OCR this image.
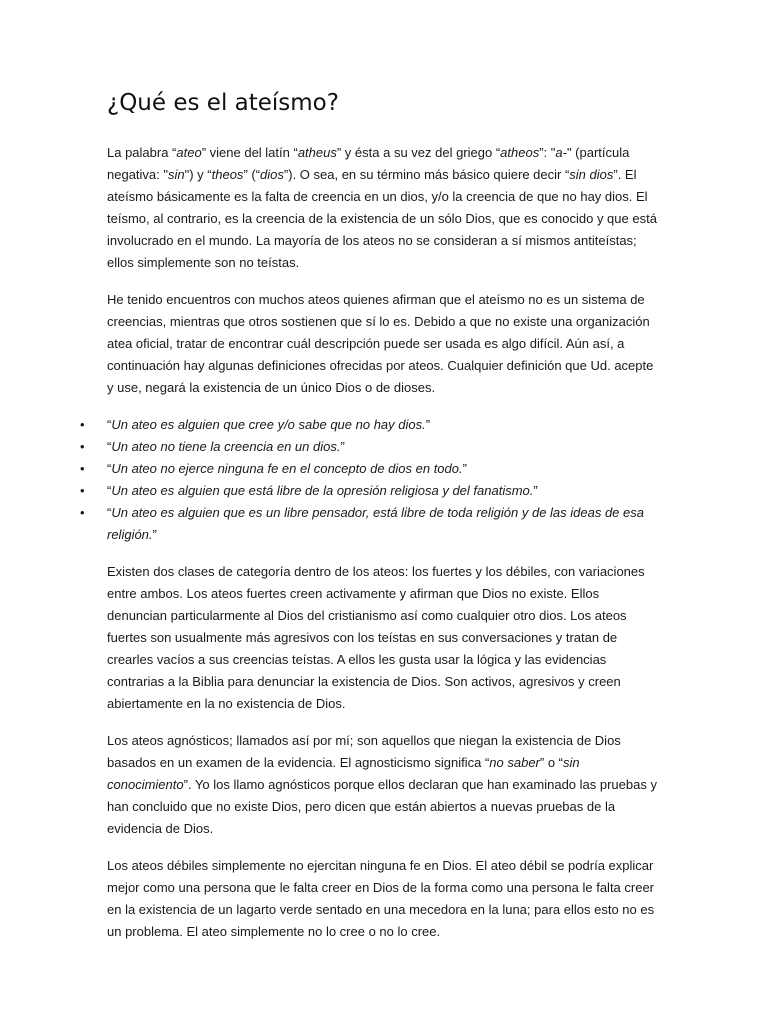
¿Qué es el ateísmo?

La palabra “ateo” viene del latín “atheus” y ésta a su vez del griego “atheos”: "a-" (partícula negativa: "sin") y “theos” (“dios”). O sea, en su término más básico quiere decir “sin dios”. El ateísmo básicamente es la falta de creencia en un dios, y/o la creencia de que no hay dios. El teísmo, al contrario, es la creencia de la existencia de un sólo Dios, que es conocido y que está involucrado en el mundo. La mayoría de los ateos no se consideran a sí mismos antiteístas; ellos simplemente son no teístas.

He tenido encuentros con muchos ateos quienes afirman que el ateísmo no es un sistema de creencias, mientras que otros sostienen que sí lo es. Debido a que no existe una organización atea oficial, tratar de encontrar cuál descripción puede ser usada es algo difícil. Aún así, a continuación hay algunas definiciones ofrecidas por ateos. Cualquier definición que Ud. acepte y use, negará la existencia de un único Dios o de dioses.

• “Un ateo es alguien que cree y/o sabe que no hay dios.”
• “Un ateo no tiene la creencia en un dios.”
• “Un ateo no ejerce ninguna fe en el concepto de dios en todo.”
• “Un ateo es alguien que está libre de la opresión religiosa y del fanatismo.”
• “Un ateo es alguien que es un libre pensador, está libre de toda religión y de las ideas de esa religión.”

Existen dos clases de categoría dentro de los ateos: los fuertes y los débiles, con variaciones entre ambos. Los ateos fuertes creen activamente y afirman que Dios no existe. Ellos denuncian particularmente al Dios del cristianismo así como cualquier otro dios. Los ateos fuertes son usualmente más agresivos con los teístas en sus conversaciones y tratan de crearles vacíos a sus creencias teístas. A ellos les gusta usar la lógica y las evidencias contrarias a la Biblia para denunciar la existencia de Dios. Son activos, agresivos y creen abiertamente en la no existencia de Dios.

Los ateos agnósticos; llamados así por mí; son aquellos que niegan la existencia de Dios basados en un examen de la evidencia. El agnosticismo significa “no saber” o “sin conocimiento”. Yo los llamo agnósticos porque ellos declaran que han examinado las pruebas y han concluido que no existe Dios, pero dicen que están abiertos a nuevas pruebas de la evidencia de Dios.

Los ateos débiles simplemente no ejercitan ninguna fe en Dios. El ateo débil se podría explicar mejor como una persona que le falta creer en Dios de la forma como una persona le falta creer en la existencia de un lagarto verde sentado en una mecedora en la luna; para ellos esto no es un problema. El ateo simplemente no lo cree o no lo cree.
